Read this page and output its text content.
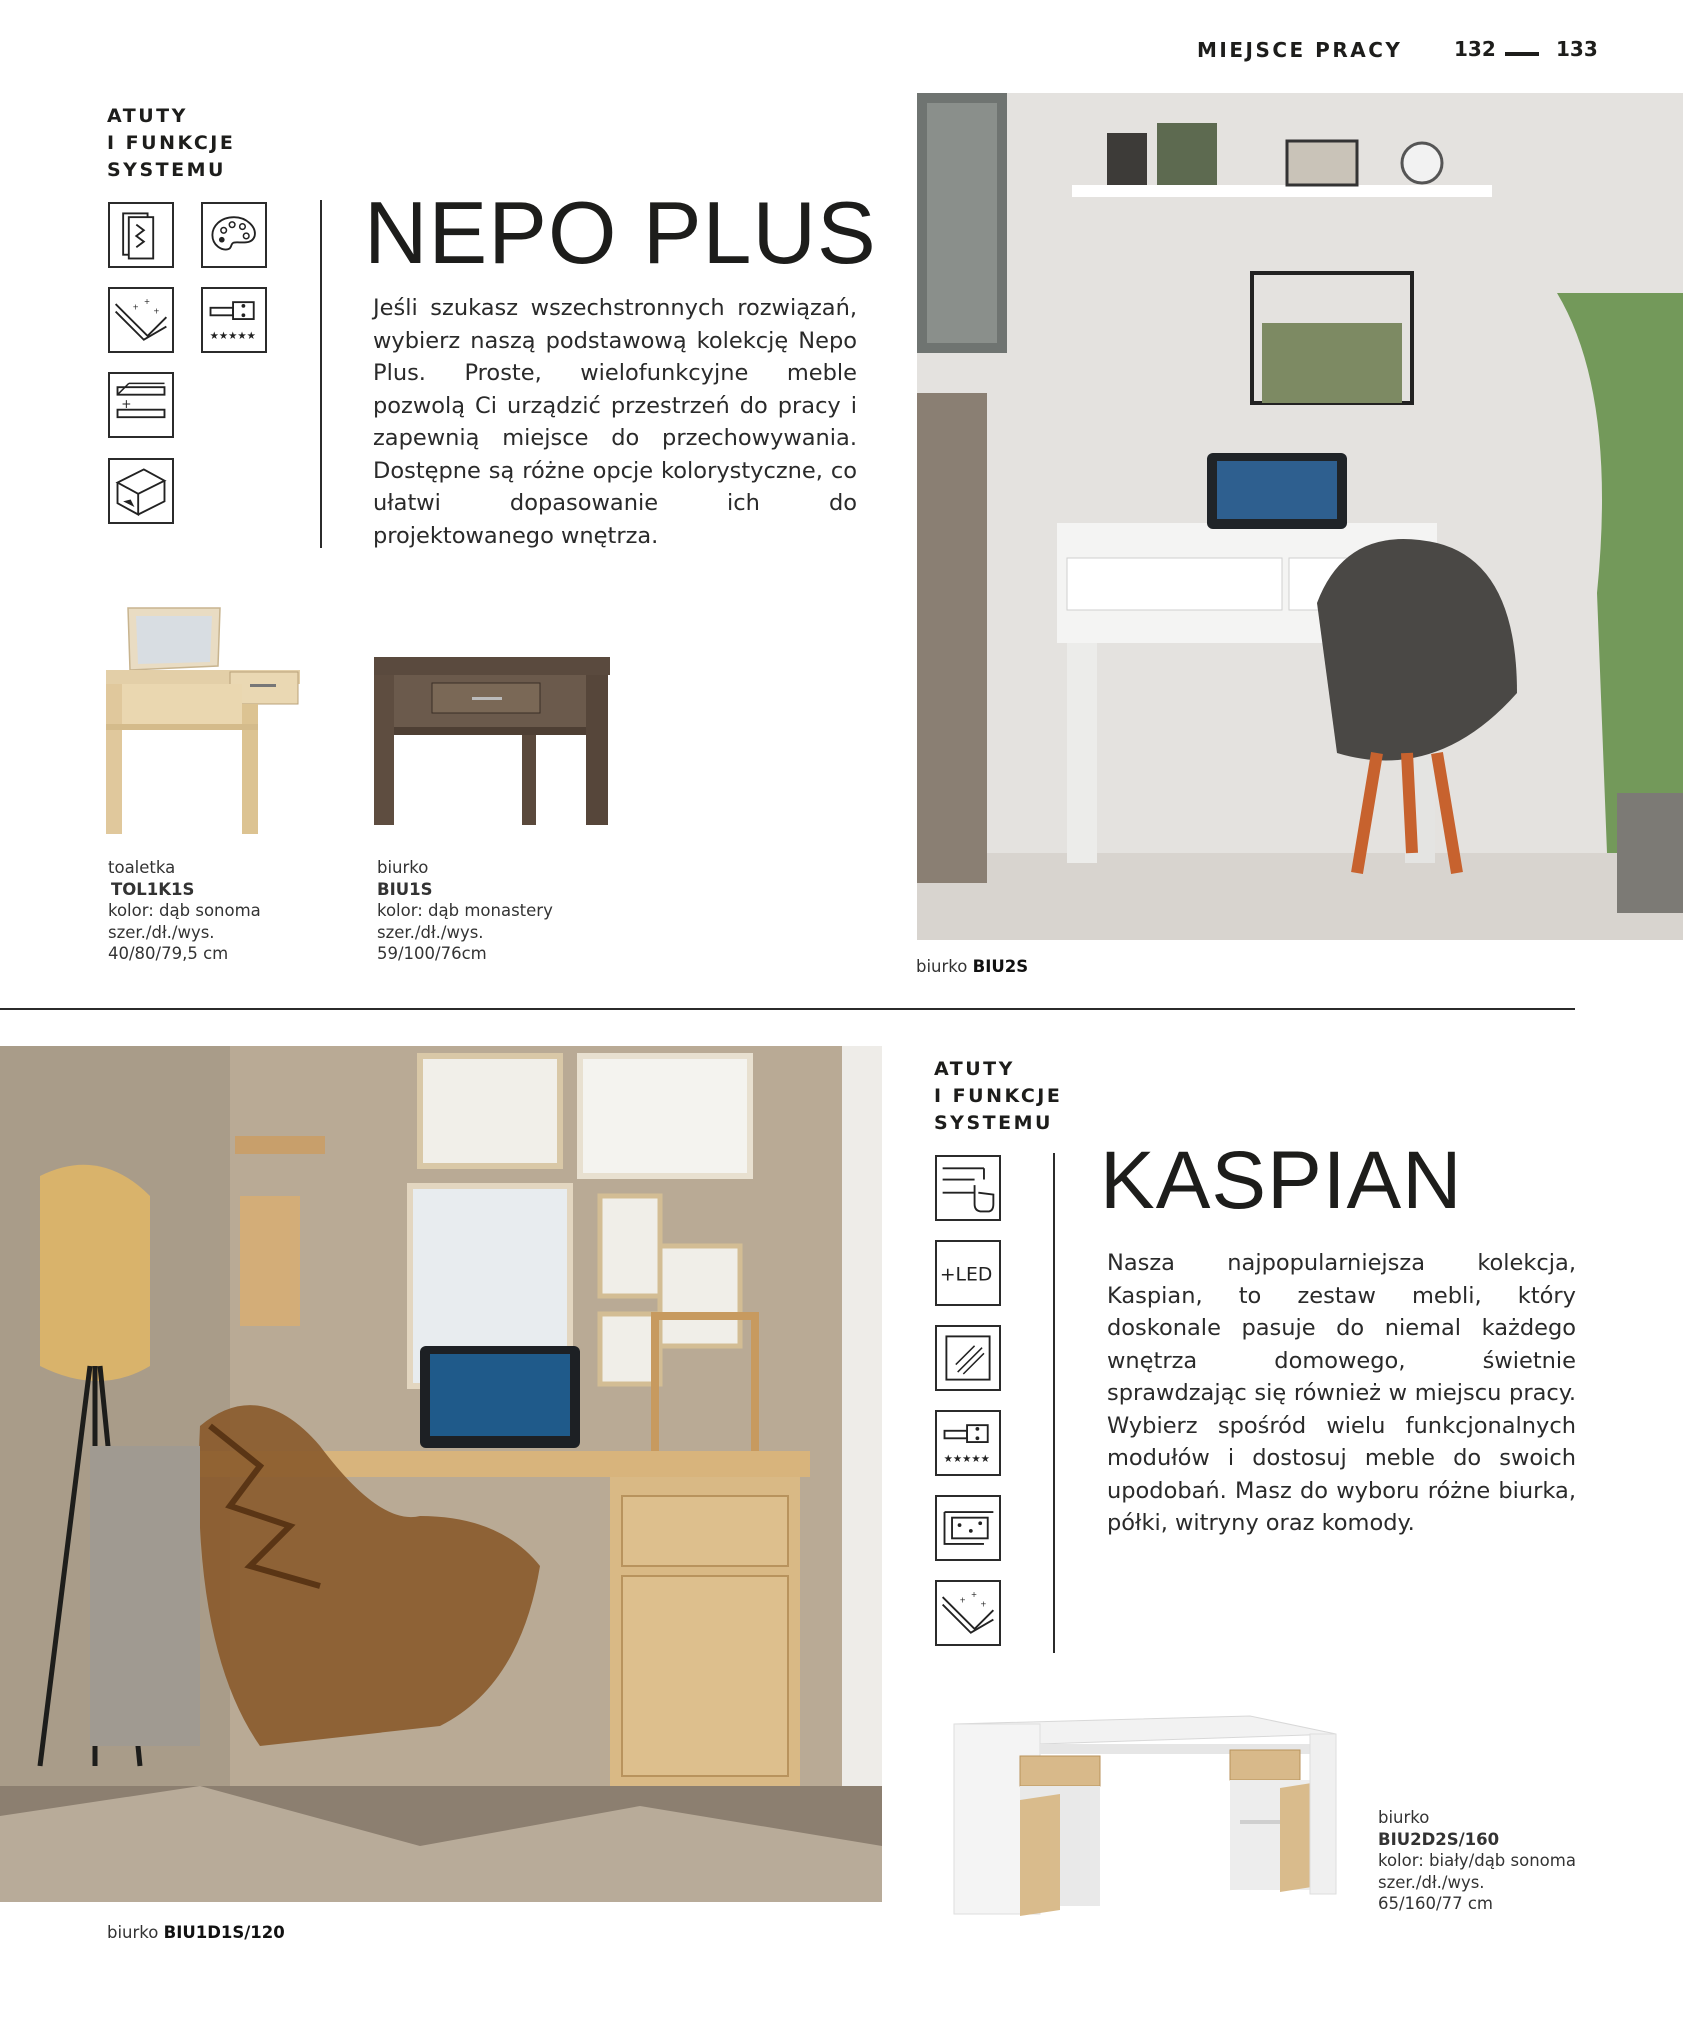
MIEJSCE PRACY	132	133
ATUTY
I FUNKCJE
SYSTEMU
+
+
+
★★★★★
+
NEPO PLUS
Jeśli szukasz wszechstronnych rozwiązań, wybierz naszą podstawową kolekcję Nepo Plus. Proste, wielofunkcyjne meble pozwolą Ci urządzić przestrzeń do pracy i zapewnią miejsce do przechowywania. Dostępne są różne opcje kolorystyczne, co ułatwi dopasowanie ich do projektowanego wnętrza.
toaletka
TOL1K1S
kolor: dąb sonoma
szer./dł./wys.
40/80/79,5 cm
biurko
BIU1S
kolor: dąb monastery
szer./dł./wys.
59/100/76cm
biurko BIU2S
biurko BIU1D1S/120
ATUTY
I FUNKCJE
SYSTEMU
+LED
★★★★★
+
+
+
KASPIAN
Nasza najpopularniejsza kolekcja, Kaspian, to zestaw mebli, który doskonale pasuje do niemal każdego wnętrza domowego, świetnie sprawdzając się również w miejscu pracy. Wybierz spośród wielu funkcjonalnych modułów i dostosuj meble do swoich upodobań. Masz do wyboru różne biurka, półki, witryny oraz komody.
biurko
BIU2D2S/160
kolor: biały/dąb sonoma
szer./dł./wys.
65/160/77 cm
